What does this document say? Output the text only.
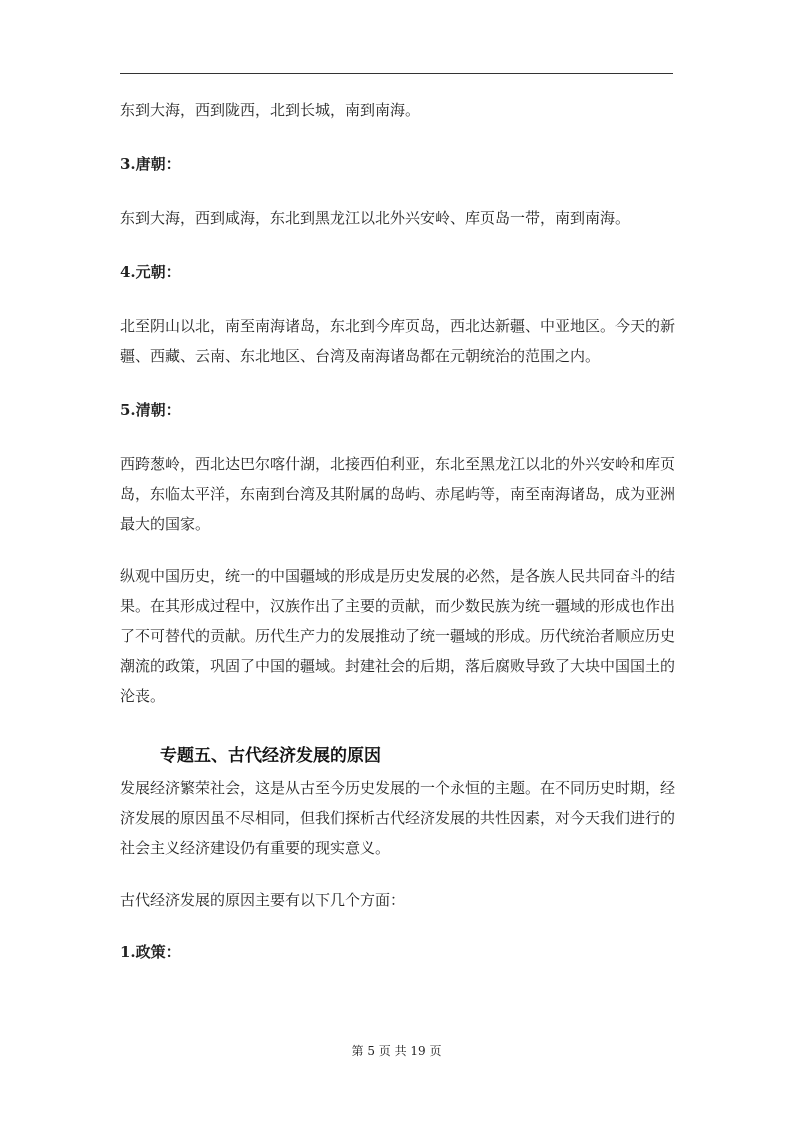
东到大海，西到陇西，北到长城，南到南海。

3.唐朝：

东到大海，西到咸海，东北到黑龙江以北外兴安岭、库页岛一带，南到南海。

4.元朝：

北至阴山以北，南至南海诸岛，东北到今库页岛，西北达新疆、中亚地区。今天的新疆、西藏、云南、东北地区、台湾及南海诸岛都在元朝统治的范围之内。

5.清朝：

西跨葱岭，西北达巴尔喀什湖，北接西伯利亚，东北至黑龙江以北的外兴安岭和库页岛，东临太平洋，东南到台湾及其附属的岛屿、赤尾屿等，南至南海诸岛，成为亚洲最大的国家。

纵观中国历史，统一的中国疆域的形成是历史发展的必然，是各族人民共同奋斗的结果。在其形成过程中，汉族作出了主要的贡献，而少数民族为统一疆域的形成也作出了不可替代的贡献。历代生产力的发展推动了统一疆域的形成。历代统治者顺应历史潮流的政策，巩固了中国的疆域。封建社会的后期，落后腐败导致了大块中国国土的沦丧。

专题五、古代经济发展的原因

发展经济繁荣社会，这是从古至今历史发展的一个永恒的主题。在不同历史时期，经济发展的原因虽不尽相同，但我们探析古代经济发展的共性因素，对今天我们进行的社会主义经济建设仍有重要的现实意义。

古代经济发展的原因主要有以下几个方面：

1.政策：

第 5 页 共 19 页
